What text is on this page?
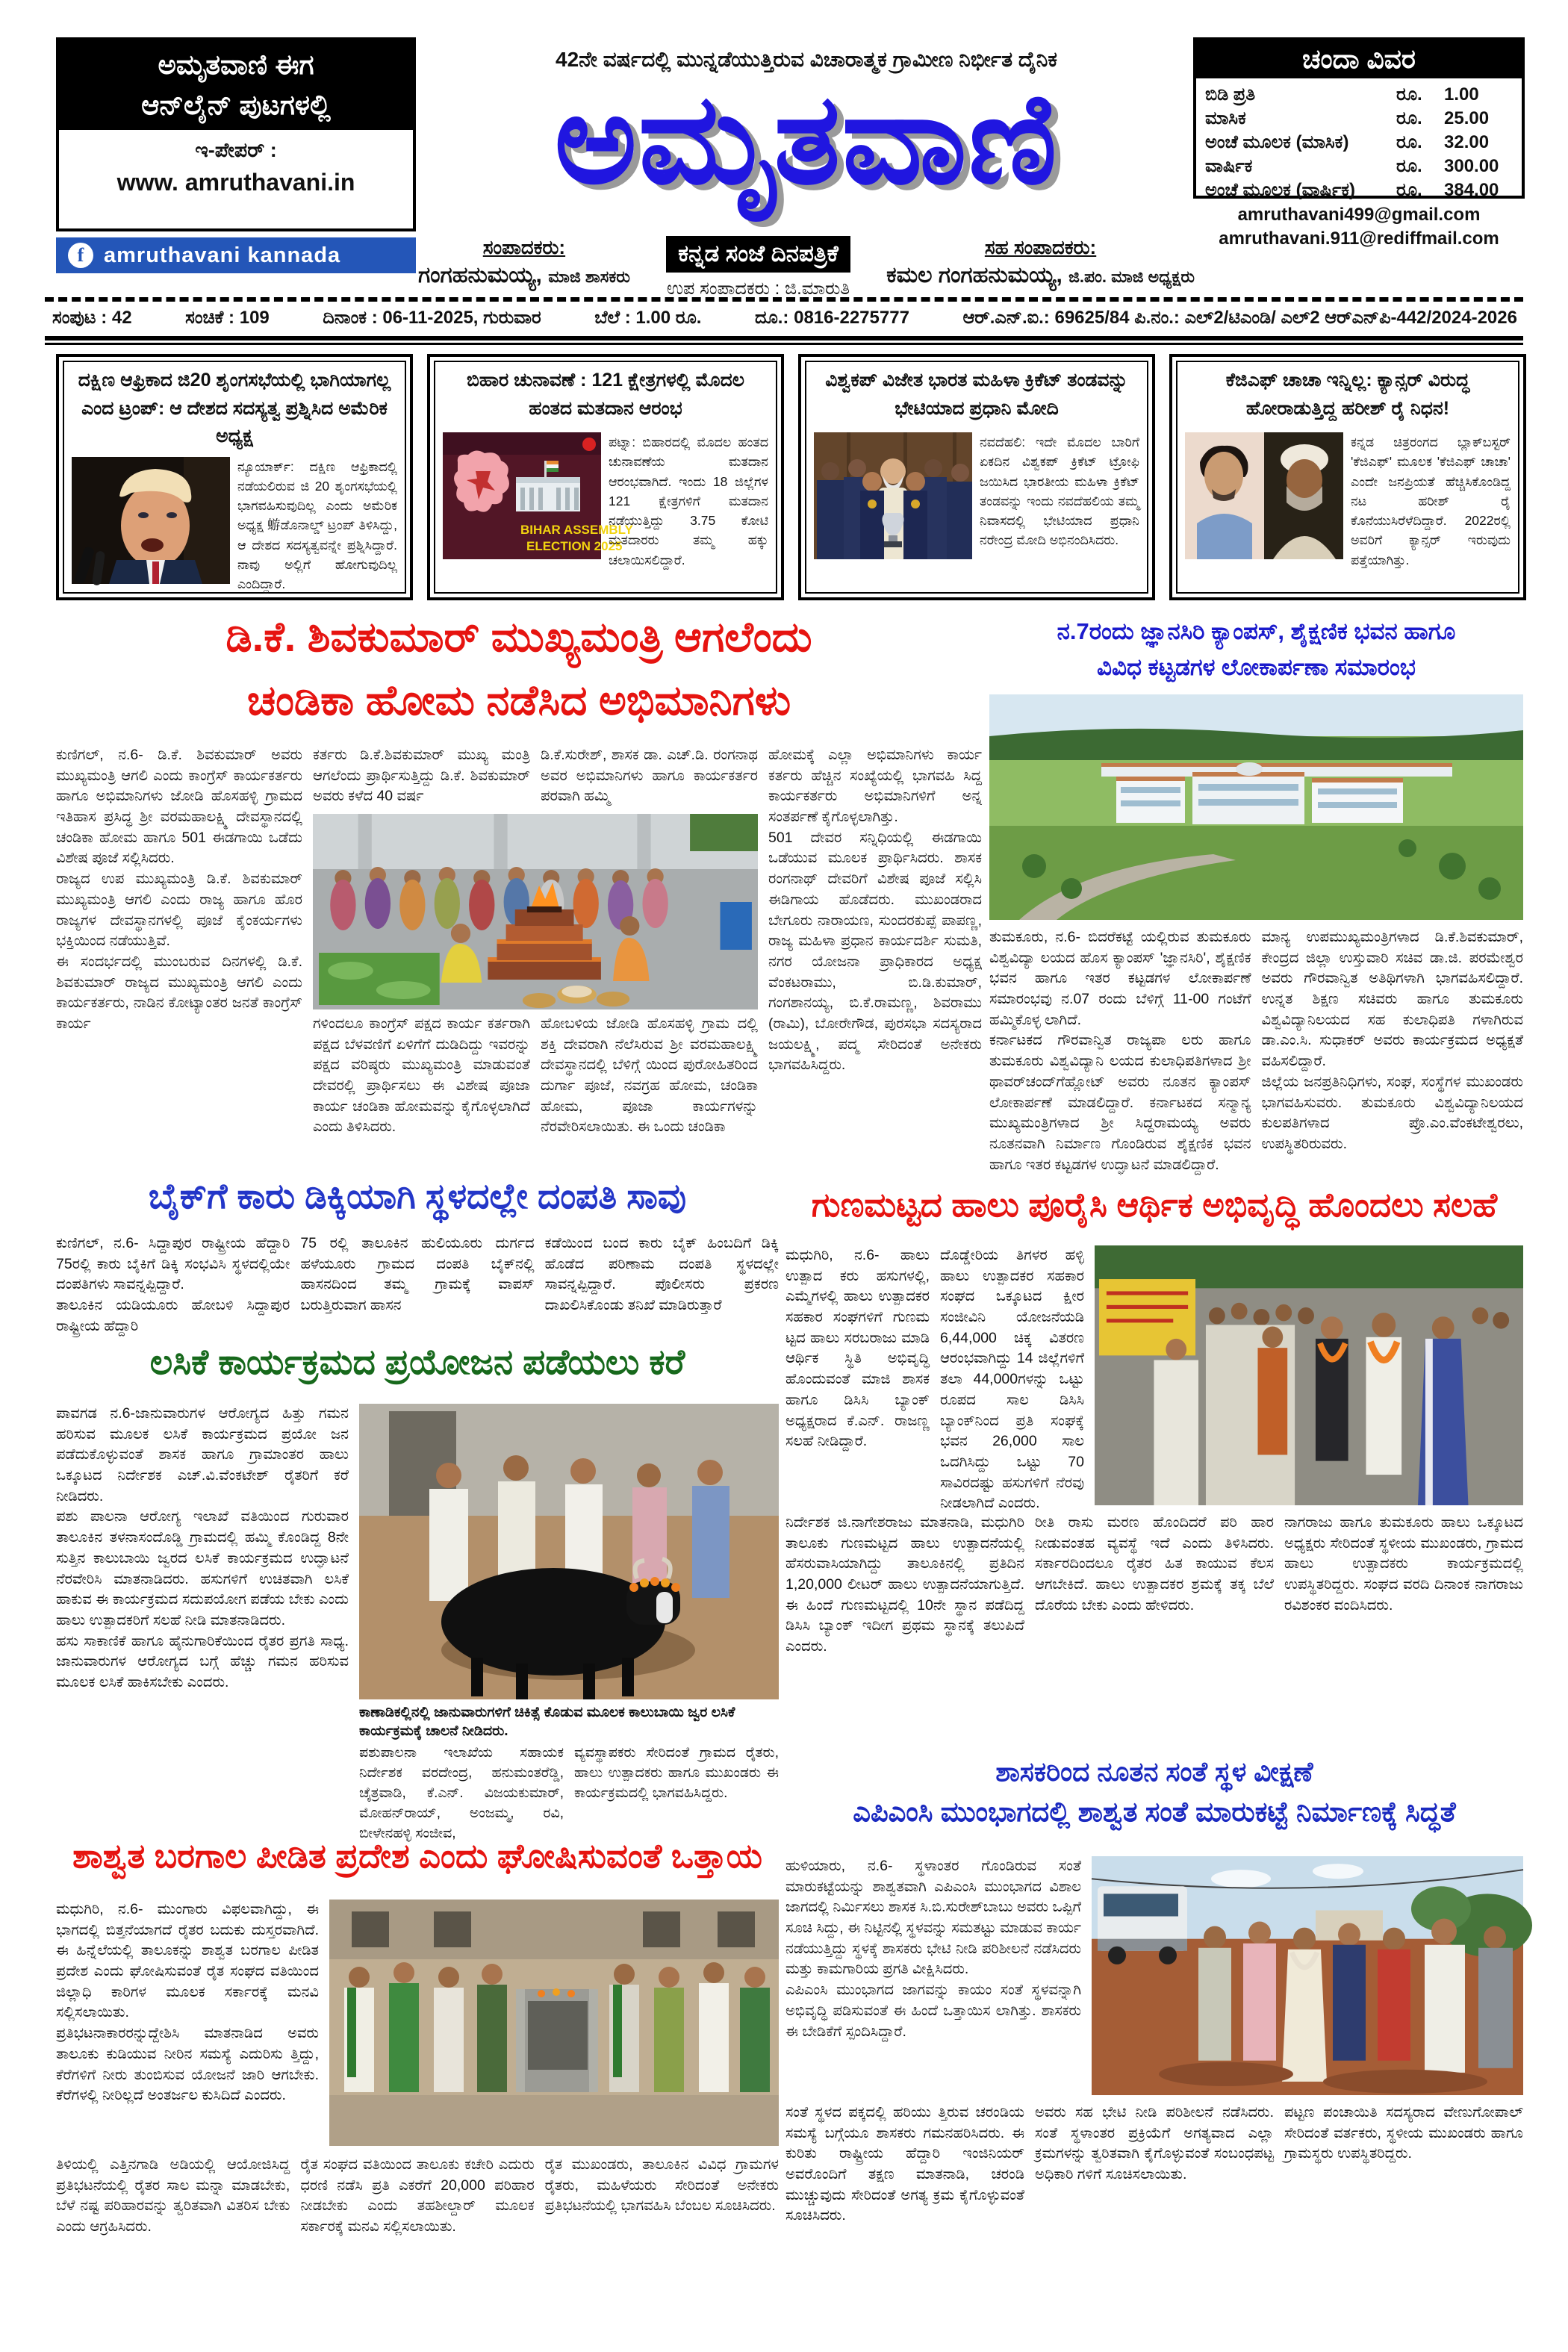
ಅಮೃತವಾಣಿ ಈಗ
ಆನ್‌ಲೈನ್ ಪುಟಗಳಲ್ಲಿ
ಇ-ಪೇಪರ್ :
www. amruthavani.in
f amruthavani kannada
42ನೇ ವರ್ಷದಲ್ಲಿ ಮುನ್ನಡೆಯುತ್ತಿರುವ ವಿಚಾರಾತ್ಮಕ ಗ್ರಾಮೀಣ ನಿರ್ಭೀತ ದೈನಿಕ
ಅಮೃತವಾಣಿ
ಸಂಪಾದಕರು:
ಗಂಗಹನುಮಯ್ಯ, ಮಾಜಿ ಶಾಸಕರು
ಕನ್ನಡ ಸಂಜೆ ದಿನಪತ್ರಿಕೆ
ಉಪ ಸಂಪಾದಕರು : ಜಿ.ಮಾರುತಿ
ಸಹ ಸಂಪಾದಕರು:
ಕಮಲ ಗಂಗಹನುಮಯ್ಯ, ಜಿ.ಪಂ. ಮಾಜಿ ಅಧ್ಯಕ್ಷರು
ಚಂದಾ ವಿವರ
ಬಿಡಿ ಪ್ರತಿ	ರೂ.	1.00
ಮಾಸಿಕ	ರೂ.	25.00
ಅಂಚೆ ಮೂಲಕ (ಮಾಸಿಕ)	ರೂ.	32.00
ವಾರ್ಷಿಕ	ರೂ.	300.00
ಅಂಚೆ ಮೂಲಕ (ವಾರ್ಷಿಕ)	ರೂ.	384.00
amruthavani499@gmail.com
amruthavani.911@rediffmail.com
ಸಂಪುಟ : 42	ಸಂಚಿಕೆ : 109	ದಿನಾಂಕ : 06-11-2025, ಗುರುವಾರ	ಬೆಲೆ : 1.00 ರೂ.	ದೂ.: 0816-2275777	ಆರ್.ಎನ್.ಐ.: 69625/84 ಪಿ.ನಂ.: ಎಲ್2/ಟಿಎಂಡಿ/ ಎಲ್2 ಆರ್‌ಎನ್‌ಪಿ-442/2024-2026
ದಕ್ಷಿಣ ಆಫ್ರಿಕಾದ ಜಿ20 ಶೃಂಗಸಭೆಯಲ್ಲಿ ಭಾಗಿಯಾಗಲ್ಲ ಎಂದ ಟ್ರಂಪ್: ಆ ದೇಶದ ಸದಸ್ಯತ್ವ ಪ್ರಶ್ನಿಸಿದ ಅಮೆರಿಕ ಅಧ್ಯಕ್ಷ
ನ್ಯೂಯಾರ್ಕ್: ದಕ್ಷಿಣ ಆಫ್ರಿಕಾದಲ್ಲಿ ನಡೆಯಲಿರುವ ಜಿ 20 ಶೃಂಗಸಭೆಯಲ್ಲಿ ಭಾಗವಹಿಸುವುದಿಲ್ಲ ಎಂದು ಅಮೆರಿಕ ಅಧ್ಯಕ್ಷ 蝣ಡೊನಾಲ್ಡ್ ಟ್ರಂಪ್ ತಿಳಿಸಿದ್ದು, ಆ ದೇಶದ ಸದಸ್ಯತ್ವವನ್ನೇ ಪ್ರಶ್ನಿಸಿದ್ದಾರೆ. ನಾವು ಅಲ್ಲಿಗೆ ಹೋಗುವುದಿಲ್ಲ ಎಂದಿದ್ದಾರೆ.
ಬಿಹಾರ ಚುನಾವಣೆ : 121 ಕ್ಷೇತ್ರಗಳಲ್ಲಿ ಮೊದಲ ಹಂತದ ಮತದಾನ ಆರಂಭ
BIHAR ASSEMBLY
ELECTION 2025
ಪಟ್ನಾ: ಬಿಹಾರದಲ್ಲಿ ಮೊದಲ ಹಂತದ ಚುನಾವಣೆಯ ಮತದಾನ ಆರಂಭವಾಗಿದೆ. ಇಂದು 18 ಜಿಲ್ಲೆಗಳ 121 ಕ್ಷೇತ್ರಗಳಿಗೆ ಮತದಾನ ನಡೆಯುತ್ತಿದ್ದು 3.75 ಕೋಟಿ ಮತದಾರರು ತಮ್ಮ ಹಕ್ಕು ಚಲಾಯಿಸಲಿದ್ದಾರೆ.
ವಿಶ್ವಕಪ್ ವಿಜೇತ ಭಾರತ ಮಹಿಳಾ ಕ್ರಿಕೆಟ್ ತಂಡವನ್ನು ಭೇಟಿಯಾದ ಪ್ರಧಾನಿ ಮೋದಿ
ನವದೆಹಲಿ: ಇದೇ ಮೊದಲ ಬಾರಿಗೆ ಏಕದಿನ ವಿಶ್ವಕಪ್ ಕ್ರಿಕೆಟ್ ಟ್ರೋಫಿ ಜಯಿಸಿದ ಭಾರತೀಯ ಮಹಿಳಾ ಕ್ರಿಕೆಟ್ ತಂಡವನ್ನು ಇಂದು ನವದೆಹಲಿಯ ತಮ್ಮ ನಿವಾಸದಲ್ಲಿ ಭೇಟಿಯಾದ ಪ್ರಧಾನಿ ನರೇಂದ್ರ ಮೋದಿ ಅಭಿನಂದಿಸಿದರು.
ಕೆಜಿಎಫ್ ಚಾಚಾ ಇನ್ನಿಲ್ಲ: ಕ್ಯಾನ್ಸರ್ ವಿರುದ್ಧ ಹೋರಾಡುತ್ತಿದ್ದ ಹರೀಶ್ ರೈ ನಿಧನ!
ಕನ್ನಡ ಚಿತ್ರರಂಗದ ಬ್ಲಾಕ್‌ಬಸ್ಟರ್ 'ಕೆಜಿಎಫ್' ಮೂಲಕ 'ಕೆಜಿಎಫ್ ಚಾಚಾ' ಎಂದೇ ಜನಪ್ರಿಯತೆ ಹೆಚ್ಚಿಸಿಕೊಂಡಿದ್ದ ನಟ ಹರೀಶ್ ರೈ ಕೊನೆಯುಸಿರೆಳೆದಿದ್ದಾರೆ. 2022ರಲ್ಲಿ ಅವರಿಗೆ ಕ್ಯಾನ್ಸರ್ ಇರುವುದು ಪತ್ತೆಯಾಗಿತ್ತು.
ಡಿ.ಕೆ. ಶಿವಕುಮಾರ್ ಮುಖ್ಯಮಂತ್ರಿ ಆಗಲೆಂದು
ಚಂಡಿಕಾ ಹೋಮ ನಡೆಸಿದ ಅಭಿಮಾನಿಗಳು
ನ.7ರಂದು ಜ್ಞಾನಸಿರಿ ಕ್ಯಾಂಪಸ್, ಶೈಕ್ಷಣಿಕ ಭವನ ಹಾಗೂ
ವಿವಿಧ ಕಟ್ಟಡಗಳ ಲೋಕಾರ್ಪಣಾ ಸಮಾರಂಭ
ಕುಣಿಗಲ್, ನ.6- ಡಿ.ಕೆ. ಶಿವಕುಮಾರ್ ಅವರು ಮುಖ್ಯಮಂತ್ರಿ ಆಗಲಿ ಎಂದು ಕಾಂಗ್ರೆಸ್ ಕಾರ್ಯಕರ್ತರು ಹಾಗೂ ಅಭಿಮಾನಿಗಳು ಜೋಡಿ ಹೊಸಹಳ್ಳಿ ಗ್ರಾಮದ ಇತಿಹಾಸ ಪ್ರಸಿದ್ಧ ಶ್ರೀ ವರಮಹಾಲಕ್ಷ್ಮಿ ದೇವಸ್ಥಾನದಲ್ಲಿ ಚಂಡಿಕಾ ಹೋಮ ಹಾಗೂ 501 ಈಡಗಾಯಿ ಒಡೆದು ವಿಶೇಷ ಪೂಜೆ ಸಲ್ಲಿಸಿದರು.
ರಾಜ್ಯದ ಉಪ ಮುಖ್ಯಮಂತ್ರಿ ಡಿ.ಕೆ. ಶಿವಕುಮಾರ್ ಮುಖ್ಯಮಂತ್ರಿ ಆಗಲಿ ಎಂದು ರಾಜ್ಯ ಹಾಗೂ ಹೊರ ರಾಜ್ಯಗಳ ದೇವಸ್ಥಾನಗಳಲ್ಲಿ ಪೂಜೆ ಕೈಂಕರ್ಯಗಳು ಭಕ್ತಿಯಿಂದ ನಡೆಯುತ್ತಿವೆ.
ಈ ಸಂದರ್ಭದಲ್ಲಿ ಮುಂಬರುವ ದಿನಗಳಲ್ಲಿ ಡಿ.ಕೆ. ಶಿವಕುಮಾರ್ ರಾಜ್ಯದ ಮುಖ್ಯಮಂತ್ರಿ ಆಗಲಿ ಎಂದು ಕಾರ್ಯಕರ್ತರು, ನಾಡಿನ ಕೋಟ್ಯಾಂತರ ಜನತೆ ಕಾಂಗ್ರೆಸ್ ಕಾರ್ಯ
ಕರ್ತರು ಡಿ.ಕೆ.ಶಿವಕುಮಾರ್ ಮುಖ್ಯ ಮಂತ್ರಿ ಆಗಲೆಂದು ಪ್ರಾರ್ಥಿಸುತ್ತಿದ್ದು ಡಿ.ಕೆ. ಶಿವಕುಮಾರ್ ಅವರು ಕಳೆದ 40 ವರ್ಷ
ಡಿ.ಕೆ.ಸುರೇಶ್, ಶಾಸಕ ಡಾ. ಎಚ್.ಡಿ. ರಂಗನಾಥ ಅವರ ಅಭಿಮಾನಿಗಳು ಹಾಗೂ ಕಾರ್ಯಕರ್ತರ ಪರವಾಗಿ ಹಮ್ಮಿ
ಗಳಿಂದಲೂ ಕಾಂಗ್ರೆಸ್ ಪಕ್ಷದ ಕಾರ್ಯ ಕರ್ತರಾಗಿ ಪಕ್ಷದ ಬೆಳವಣಿಗೆ ಏಳಿಗೆಗೆ ದುಡಿದಿದ್ದು ಇವರನ್ನು ಪಕ್ಷದ ವರಿಷ್ಠರು ಮುಖ್ಯಮಂತ್ರಿ ಮಾಡುವಂತೆ ದೇವರಲ್ಲಿ ಪ್ರಾರ್ಥಿಸಲು ಈ ವಿಶೇಷ ಪೂಜಾ ಕಾರ್ಯ ಚಂಡಿಕಾ ಹೋಮವನ್ನು ಕೈಗೊಳ್ಳಲಾಗಿದೆ ಎಂದು ತಿಳಿಸಿದರು.
ಹೋಬಳಿಯ ಜೋಡಿ ಹೊಸಹಳ್ಳಿ ಗ್ರಾಮ ದಲ್ಲಿ ಶಕ್ತಿ ದೇವರಾಗಿ ನೆಲೆಸಿರುವ ಶ್ರೀ ವರಮಹಾಲಕ್ಷ್ಮಿ ದೇವಸ್ಥಾನದಲ್ಲಿ ಬೆಳಿಗ್ಗೆ ಯಿಂದ ಪುರೋಹಿತರಿಂದ ದುರ್ಗಾ ಪೂಜೆ, ನವಗ್ರಹ ಹೋಮ, ಚಂಡಿಕಾ ಹೋಮ, ಪೂಜಾ ಕಾರ್ಯಗಳನ್ನು ನೆರವೇರಿಸಲಾಯಿತು. ಈ ಒಂದು ಚಂಡಿಕಾ
ಹೋಮಕ್ಕೆ ಎಲ್ಲಾ ಅಭಿಮಾನಿಗಳು ಕಾರ್ಯ ಕರ್ತರು ಹೆಚ್ಚಿನ ಸಂಖ್ಯೆಯಲ್ಲಿ ಭಾಗವಹಿ ಸಿದ್ದ ಕಾರ್ಯಕರ್ತರು ಅಭಿಮಾನಿಗಳಿಗೆ ಅನ್ನ ಸಂತರ್ಪಣೆ ಕೈಗೊಳ್ಳಲಾಗಿತ್ತು.
501 ದೇವರ ಸನ್ನಿಧಿಯಲ್ಲಿ ಈಡಗಾಯಿ ಒಡೆಯುವ ಮೂಲಕ ಪ್ರಾರ್ಥಿಸಿದರು. ಶಾಸಕ ರಂಗನಾಥ್ ದೇವರಿಗೆ ವಿಶೇಷ ಪೂಜೆ ಸಲ್ಲಿಸಿ ಈಡಿಗಾಯ ಹೊಡೆದರು. ಮುಖಂಡರಾದ ಬೇಗೂರು ನಾರಾಯಣ, ಸುಂದರಕುಪ್ಪೆ ಪಾಪಣ್ಣ, ರಾಜ್ಯ ಮಹಿಳಾ ಪ್ರಧಾನ ಕಾರ್ಯದರ್ಶಿ ಸುಮತಿ, ನಗರ ಯೋಜನಾ ಪ್ರಾಧಿಕಾರದ ಅಧ್ಯಕ್ಷ ವೆಂಕಟರಾಮು, ಬಿ.ಡಿ.ಕುಮಾರ್, ಗಂಗಶಾನಯ್ಯ, ಬಿ.ಕೆ.ರಾಮಣ್ಣ, ಶಿವರಾಮು (ರಾಮಿ), ಬೋರೇಗೌಡ, ಪುರಸಭಾ ಸದಸ್ಯರಾದ ಜಯಲಕ್ಷ್ಮಿ, ಪದ್ಮ ಸೇರಿದಂತೆ ಅನೇಕರು ಭಾಗವಹಿಸಿದ್ದರು.
ತುಮಕೂರು, ನ.6- ಬಿದರೆಕಟ್ಟೆ ಯಲ್ಲಿರುವ ತುಮಕೂರು ವಿಶ್ವವಿದ್ಯಾ ಲಯದ ಹೊಸ ಕ್ಯಾಂಪಸ್ 'ಜ್ಞಾನಸಿರಿ', ಶೈಕ್ಷಣಿಕ ಭವನ ಹಾಗೂ ಇತರ ಕಟ್ಟಡಗಳ ಲೋಕಾರ್ಪಣೆ ಸಮಾರಂಭವು ನ.07 ರಂದು ಬೆಳಿಗ್ಗೆ 11-00 ಗಂಟೆಗೆ ಹಮ್ಮಿಕೊಳ್ಳ ಲಾಗಿದೆ.
ಕರ್ನಾಟಕದ ಗೌರವಾನ್ವಿತ ರಾಜ್ಯಪಾ ಲರು ಹಾಗೂ ತುಮಕೂರು ವಿಶ್ವವಿದ್ಯಾನಿ ಲಯದ ಕುಲಾಧಿಪತಿಗಳಾದ ಶ್ರೀ ಥಾವರ್‌ಚಂದ್‌ಗೆಹ್ಲೋಟ್ ಅವರು ನೂತನ ಕ್ಯಾಂಪಸ್ ಲೋಕಾರ್ಪಣೆ ಮಾಡಲಿದ್ದಾರೆ. ಕರ್ನಾಟಕದ ಸನ್ಮಾನ್ಯ ಮುಖ್ಯಮಂತ್ರಿಗಳಾದ ಶ್ರೀ ಸಿದ್ದರಾಮಯ್ಯ ಅವರು ನೂತನವಾಗಿ ನಿರ್ಮಾಣ ಗೊಂಡಿರುವ ಶೈಕ್ಷಣಿಕ ಭವನ ಹಾಗೂ ಇತರ ಕಟ್ಟಡಗಳ ಉದ್ಘಾಟನೆ ಮಾಡಲಿದ್ದಾರೆ.
ಮಾನ್ಯ ಉಪಮುಖ್ಯಮಂತ್ರಿಗಳಾದ ಡಿ.ಕೆ.ಶಿವಕುಮಾರ್, ಕೇಂದ್ರದ ಜಿಲ್ಲಾ ಉಸ್ತುವಾರಿ ಸಚಿವ ಡಾ.ಜಿ. ಪರಮೇಶ್ವರ ಅವರು ಗೌರವಾನ್ವಿತ ಅತಿಥಿಗಳಾಗಿ ಭಾಗವಹಿಸಲಿದ್ದಾರೆ. ಉನ್ನತ ಶಿಕ್ಷಣ ಸಚಿವರು ಹಾಗೂ ತುಮಕೂರು ವಿಶ್ವವಿದ್ಯಾನಿಲಯದ ಸಹ ಕುಲಾಧಿಪತಿ ಗಳಾಗಿರುವ ಡಾ.ಎಂ.ಸಿ. ಸುಧಾಕರ್ ಅವರು ಕಾರ್ಯಕ್ರಮದ ಅಧ್ಯಕ್ಷತೆ ವಹಿಸಲಿದ್ದಾರೆ.
ಜಿಲ್ಲೆಯ ಜನಪ್ರತಿನಿಧಿಗಳು, ಸಂಘ, ಸಂಸ್ಥೆಗಳ ಮುಖಂಡರು ಭಾಗವಹಿಸುವರು. ತುಮಕೂರು ವಿಶ್ವವಿದ್ಯಾನಿಲಯದ ಕುಲಪತಿಗಳಾದ ಪ್ರೊ.ಎಂ.ವೆಂಕಟೇಶ್ವರಲು, ಉಪಸ್ಥಿತರಿರುವರು.
ಬೈಕ್‌ಗೆ ಕಾರು ಡಿಕ್ಕಿಯಾಗಿ ಸ್ಥಳದಲ್ಲೇ ದಂಪತಿ ಸಾವು	ಗುಣಮಟ್ಟದ ಹಾಲು ಪೂರೈಸಿ ಆರ್ಥಿಕ ಅಭಿವೃದ್ಧಿ ಹೊಂದಲು ಸಲಹೆ
ಕುಣಿಗಲ್, ನ.6- ಸಿದ್ದಾಪುರ ರಾಷ್ಟ್ರೀಯ ಹೆದ್ದಾರಿ 75ರಲ್ಲಿ ಕಾರು ಬೈಕಿಗೆ ಡಿಕ್ಕಿ ಸಂಭವಿಸಿ ಸ್ಥಳದಲ್ಲಿಯೇ ದಂಪತಿಗಳು ಸಾವನ್ನಪ್ಪಿದ್ದಾರೆ.
ತಾಲೂಕಿನ ಯಡಿಯೂರು ಹೋಬಳಿ ಸಿದ್ದಾಪುರ ರಾಷ್ಟ್ರೀಯ ಹೆದ್ದಾರಿ
75 ರಲ್ಲಿ ತಾಲೂಕಿನ ಹುಲಿಯೂರು ದುರ್ಗದ ಹಳೆಯೂರು ಗ್ರಾಮದ ದಂಪತಿ ಬೈಕ್‌ನಲ್ಲಿ ಹಾಸನದಿಂದ ತಮ್ಮ ಗ್ರಾಮಕ್ಕೆ ವಾಪಸ್ ಬರುತ್ತಿರುವಾಗ ಹಾಸನ
ಕಡೆಯಿಂದ ಬಂದ ಕಾರು ಬೈಕ್ ಹಿಂಬದಿಗೆ ಡಿಕ್ಕಿ ಹೊಡೆದ ಪರಿಣಾಮ ದಂಪತಿ ಸ್ಥಳದಲ್ಲೇ ಸಾವನ್ನಪ್ಪಿದ್ದಾರೆ. ಪೊಲೀಸರು ಪ್ರಕರಣ ದಾಖಲಿಸಿಕೊಂಡು ತನಿಖೆ ಮಾಡಿರುತ್ತಾರೆ
ಲಸಿಕೆ ಕಾರ್ಯಕ್ರಮದ ಪ್ರಯೋಜನ ಪಡೆಯಲು ಕರೆ
ಪಾವಗಡ ನ.6-ಜಾನುವಾರುಗಳ ಆರೋಗ್ಯದ ಹಿತ್ತು ಗಮನ ಹರಿಸುವ ಮೂಲಕ ಲಸಿಕೆ ಕಾರ್ಯಕ್ರಮದ ಪ್ರಯೋ ಜನ ಪಡೆದುಕೊಳ್ಳುವಂತೆ ಶಾಸಕ ಹಾಗೂ ಗ್ರಾಮಾಂತರ ಹಾಲು ಒಕ್ಕೂಟದ ನಿರ್ದೇಶಕ ಎಚ್.ವಿ.ವೆಂಕಟೇಶ್ ರೈತರಿಗೆ ಕರೆ ನೀಡಿದರು.
ಪಶು ಪಾಲನಾ ಆರೋಗ್ಯ ಇಲಾಖೆ ವತಿಯಿಂದ ಗುರುವಾರ ತಾಲೂಕಿನ ತಳನಾಸಂದೊಡ್ಡಿ ಗ್ರಾಮದಲ್ಲಿ ಹಮ್ಮಿ ಕೊಂಡಿದ್ದ 8ನೇ ಸುತ್ತಿನ ಕಾಲುಬಾಯಿ ಜ್ವರದ ಲಸಿಕೆ ಕಾರ್ಯಕ್ರಮದ ಉದ್ಘಾಟನೆ ನೆರವೇರಿಸಿ ಮಾತನಾಡಿದರು. ಹಸುಗಳಿಗೆ ಉಚಿತವಾಗಿ ಲಸಿಕೆ ಹಾಕುವ ಈ ಕಾರ್ಯಕ್ರಮದ ಸದುಪಯೋಗ ಪಡೆಯ ಬೇಕು ಎಂದು ಹಾಲು ಉತ್ಪಾದಕರಿಗೆ ಸಲಹೆ ನೀಡಿ ಮಾತನಾಡಿದರು.
ಹಸು ಸಾಕಾಣಿಕೆ ಹಾಗೂ ಹೈನುಗಾರಿಕೆಯಿಂದ ರೈತರ ಪ್ರಗತಿ ಸಾಧ್ಯ. ಜಾನುವಾರುಗಳ ಆರೋಗ್ಯದ ಬಗ್ಗೆ ಹೆಚ್ಚು ಗಮನ ಹರಿಸುವ ಮೂಲಕ ಲಸಿಕೆ ಹಾಕಿಸಬೇಕು ಎಂದರು.
ಕಾಣಾಡಿಕಲ್ಲಿನಲ್ಲಿ ಜಾನುವಾರುಗಳಿಗೆ ಚಿಕಿತ್ಸೆ ಕೊಡುವ ಮೂಲಕ ಕಾಲುಬಾಯಿ ಜ್ವರ ಲಸಿಕೆ ಕಾರ್ಯಕ್ರಮಕ್ಕೆ ಚಾಲನೆ ನೀಡಿದರು.
ಪಶುಪಾಲನಾ ಇಲಾಖೆಯ ಸಹಾಯಕ ನಿರ್ದೇಶಕ ವರದೇಂದ್ರ, ಹನುಮಂತರೆಡ್ಡಿ, ಚೈತ್ರವಾಡಿ, ಕೆ.ಎನ್. ವಿಜಯಕುಮಾರ್, ಮೋಹನ್‌ರಾಯ್, ಅಂಜಮ್ಮ, ರವಿ, ಬೀಳೇನಹಳ್ಳಿ ಸಂಜೀವ,
ವ್ಯವಸ್ಥಾಪಕರು ಸೇರಿದಂತೆ ಗ್ರಾಮದ ರೈತರು, ಹಾಲು ಉತ್ಪಾದಕರು ಹಾಗೂ ಮುಖಂಡರು ಈ ಕಾರ್ಯಕ್ರಮದಲ್ಲಿ ಭಾಗವಹಿಸಿದ್ದರು.
ಮಧುಗಿರಿ, ನ.6- ಹಾಲು ಉತ್ಪಾದ ಕರು ಹಸುಗಳಲ್ಲಿ, ಎಮ್ಮೆಗಳಲ್ಲಿ ಹಾಲು ಉತ್ಪಾದಕರ ಸಹಕಾರ ಸಂಘಗಳಿಗೆ ಗುಣಮ ಟ್ಟದ ಹಾಲು ಸರಬರಾಜು ಮಾಡಿ ಆರ್ಥಿಕ ಸ್ಥಿತಿ ಅಭಿವೃದ್ಧಿ ಹೊಂದುವಂತೆ ಮಾಜಿ ಶಾಸಕ ಹಾಗೂ ಡಿಸಿಸಿ ಬ್ಯಾಂಕ್ ಅಧ್ಯಕ್ಷರಾದ ಕೆ.ಎನ್. ರಾಜಣ್ಣ ಸಲಹೆ ನೀಡಿದ್ದಾರೆ.
ದೊಡ್ಡೇರಿಯ ತಿಗಳರ ಹಳ್ಳಿ ಹಾಲು ಉತ್ಪಾದಕರ ಸಹಕಾರ ಸಂಘದ ಒಕ್ಕೂಟದ ಕ್ಷೀರ ಸಂಜೀವಿನಿ ಯೋಜನೆಯಡಿ 6,44,000 ಚಿಕ್ಕ ವಿತರಣ ಆರಂಭವಾಗಿದ್ದು 14 ಜಿಲ್ಲೆಗಳಿಗೆ ತಲಾ 44,000ಗಳನ್ನು ಒಟ್ಟು ರೂಪದ ಸಾಲ ಡಿಸಿಸಿ ಬ್ಯಾಂಕ್‌ನಿಂದ ಪ್ರತಿ ಸಂಘಕ್ಕೆ ಭವನ 26,000 ಸಾಲ ಒದಗಿಸಿದ್ದು ಒಟ್ಟು 70 ಸಾವಿರದಷ್ಟು ಹಸುಗಳಿಗೆ ನೆರವು ನೀಡಲಾಗಿದೆ ಎಂದರು.
ನಿರ್ದೇಶಕ ಜಿ.ನಾಗೇಶರಾಜು ಮಾತನಾಡಿ, ಮಧುಗಿರಿ ತಾಲೂಕು ಗುಣಮಟ್ಟದ ಹಾಲು ಉತ್ಪಾದನೆಯಲ್ಲಿ ಹೆಸರುವಾಸಿಯಾಗಿದ್ದು ತಾಲೂಕಿನಲ್ಲಿ ಪ್ರತಿದಿನ 1,20,000 ಲೀಟರ್ ಹಾಲು ಉತ್ಪಾದನೆಯಾಗುತ್ತಿದೆ. ಈ ಹಿಂದೆ ಗುಣಮಟ್ಟದಲ್ಲಿ 10ನೇ ಸ್ಥಾನ ಪಡೆದಿದ್ದ ಡಿಸಿಸಿ ಬ್ಯಾಂಕ್ ಇದೀಗ ಪ್ರಥಮ ಸ್ಥಾನಕ್ಕೆ ತಲುಪಿದೆ ಎಂದರು.
ರೀತಿ ರಾಸು ಮರಣ ಹೊಂದಿದರೆ ಪರಿ ಹಾರ ನೀಡುವಂತಹ ವ್ಯವಸ್ಥೆ ಇದೆ ಎಂದು ತಿಳಿಸಿದರು. ಸರ್ಕಾರದಿಂದಲೂ ರೈತರ ಹಿತ ಕಾಯುವ ಕೆಲಸ ಆಗಬೇಕಿದೆ. ಹಾಲು ಉತ್ಪಾದಕರ ಶ್ರಮಕ್ಕೆ ತಕ್ಕ ಬೆಲೆ ದೊರೆಯ ಬೇಕು ಎಂದು ಹೇಳಿದರು.
ನಾಗರಾಜು ಹಾಗೂ ತುಮಕೂರು ಹಾಲು ಒಕ್ಕೂಟದ ಅಧ್ಯಕ್ಷರು ಸೇರಿದಂತೆ ಸ್ಥಳೀಯ ಮುಖಂಡರು, ಗ್ರಾಮದ ಹಾಲು ಉತ್ಪಾದಕರು ಕಾರ್ಯಕ್ರಮದಲ್ಲಿ ಉಪಸ್ಥಿತರಿದ್ದರು. ಸಂಘದ ವರದಿ ದಿನಾಂಕ ನಾಗರಾಜು ರವಿಶಂಕರ ವಂದಿಸಿದರು.
ಶಾಶ್ವತ ಬರಗಾಲ ಪೀಡಿತ ಪ್ರದೇಶ ಎಂದು ಘೋಷಿಸುವಂತೆ ಒತ್ತಾಯ
ಮಧುಗಿರಿ, ನ.6- ಮುಂಗಾರು ವಿಫಲವಾಗಿದ್ದು, ಈ ಭಾಗದಲ್ಲಿ ಬಿತ್ತನೆಯಾಗದೆ ರೈತರ ಬದುಕು ದುಸ್ತರವಾಗಿದೆ. ಈ ಹಿನ್ನೆಲೆಯಲ್ಲಿ ತಾಲೂಕನ್ನು ಶಾಶ್ವತ ಬರಗಾಲ ಪೀಡಿತ ಪ್ರದೇಶ ಎಂದು ಘೋಷಿಸುವಂತೆ ರೈತ ಸಂಘದ ವತಿಯಿಂದ ಜಿಲ್ಲಾಧಿ ಕಾರಿಗಳ ಮೂಲಕ ಸರ್ಕಾರಕ್ಕೆ ಮನವಿ ಸಲ್ಲಿಸಲಾಯಿತು.
ಪ್ರತಿಭಟನಾಕಾರರನ್ನುದ್ದೇಶಿಸಿ ಮಾತನಾಡಿದ ಅವರು ತಾಲೂಕು ಕುಡಿಯುವ ನೀರಿನ ಸಮಸ್ಯೆ ಎದುರಿಸು ತ್ತಿದ್ದು, ಕೆರೆಗಳಿಗೆ ನೀರು ತುಂಬಿಸುವ ಯೋಜನೆ ಜಾರಿ ಆಗಬೇಕು. ಕೆರೆಗಳಲ್ಲಿ ನೀರಿಲ್ಲದೆ ಅಂತರ್ಜಲ ಕುಸಿದಿದೆ ಎಂದರು.
ತಿಳಿಯಲ್ಲಿ ಎತ್ತಿನಗಾಡಿ ಅಡಿಯಲ್ಲಿ ಆಯೋಜಿಸಿದ್ದ ಪ್ರತಿಭಟನೆಯಲ್ಲಿ ರೈತರ ಸಾಲ ಮನ್ನಾ ಮಾಡಬೇಕು, ಬೆಳೆ ನಷ್ಟ ಪರಿಹಾರವನ್ನು ತ್ವರಿತವಾಗಿ ವಿತರಿಸ ಬೇಕು ಎಂದು ಆಗ್ರಹಿಸಿದರು.
ರೈತ ಸಂಘದ ವತಿಯಿಂದ ತಾಲೂಕು ಕಚೇರಿ ಎದುರು ಧರಣಿ ನಡೆಸಿ ಪ್ರತಿ ಎಕರೆಗೆ 20,000 ಪರಿಹಾರ ನೀಡಬೇಕು ಎಂದು ತಹಶೀಲ್ದಾರ್ ಮೂಲಕ ಸರ್ಕಾರಕ್ಕೆ ಮನವಿ ಸಲ್ಲಿಸಲಾಯಿತು.
ರೈತ ಮುಖಂಡರು, ತಾಲೂಕಿನ ವಿವಿಧ ಗ್ರಾಮಗಳ ರೈತರು, ಮಹಿಳೆಯರು ಸೇರಿದಂತೆ ಅನೇಕರು ಪ್ರತಿಭಟನೆಯಲ್ಲಿ ಭಾಗವಹಿಸಿ ಬೆಂಬಲ ಸೂಚಿಸಿದರು.
ಶಾಸಕರಿಂದ ನೂತನ ಸಂತೆ ಸ್ಥಳ ವೀಕ್ಷಣೆ
ಎಪಿಎಂಸಿ ಮುಂಭಾಗದಲ್ಲಿ ಶಾಶ್ವತ ಸಂತೆ ಮಾರುಕಟ್ಟೆ ನಿರ್ಮಾಣಕ್ಕೆ ಸಿದ್ಧತೆ
ಹುಳಿಯಾರು, ನ.6- ಸ್ಥಳಾಂತರ ಗೊಂಡಿರುವ ಸಂತೆ ಮಾರುಕಟ್ಟೆಯನ್ನು ಶಾಶ್ವತವಾಗಿ ಎಪಿಎಂಸಿ ಮುಂಭಾಗದ ವಿಶಾಲ ಜಾಗದಲ್ಲಿ ನಿರ್ಮಿಸಲು ಶಾಸಕ ಸಿ.ಬಿ.ಸುರೇಶ್‌ಬಾಬು ಅವರು ಒಪ್ಪಿಗೆ ಸೂಚಿ ಸಿದ್ದು, ಈ ನಿಟ್ಟಿನಲ್ಲಿ ಸ್ಥಳವನ್ನು ಸಮತಟ್ಟು ಮಾಡುವ ಕಾರ್ಯ ನಡೆಯುತ್ತಿದ್ದು ಸ್ಥಳಕ್ಕೆ ಶಾಸಕರು ಭೇಟಿ ನೀಡಿ ಪರಿಶೀಲನೆ ನಡೆಸಿದರು ಮತ್ತು ಕಾಮಗಾರಿಯ ಪ್ರಗತಿ ವೀಕ್ಷಿಸಿದರು.
ಎಪಿಎಂಸಿ ಮುಂಭಾಗದ ಜಾಗವನ್ನು ಕಾಯಂ ಸಂತೆ ಸ್ಥಳವನ್ನಾಗಿ ಅಭಿವೃದ್ಧಿ ಪಡಿಸುವಂತೆ ಈ ಹಿಂದೆ ಒತ್ತಾಯಿಸ ಲಾಗಿತ್ತು. ಶಾಸಕರು ಈ ಬೇಡಿಕೆಗೆ ಸ್ಪಂದಿಸಿದ್ದಾರೆ.
ಸಂತೆ ಸ್ಥಳದ ಪಕ್ಕದಲ್ಲಿ ಹರಿಯು ತ್ತಿರುವ ಚರಂಡಿಯ ಸಮಸ್ಯೆ ಬಗ್ಗೆಯೂ ಶಾಸಕರು ಗಮನಹರಿಸಿದರು. ಈ ಕುರಿತು ರಾಷ್ಟ್ರೀಯ ಹೆದ್ದಾರಿ ಇಂಜಿನಿಯರ್ ಅವರೊಂದಿಗೆ ತಕ್ಷಣ ಮಾತನಾಡಿ, ಚರಂಡಿ ಮುಚ್ಚುವುದು ಸೇರಿದಂತೆ ಅಗತ್ಯ ಕ್ರಮ ಕೈಗೊಳ್ಳುವಂತೆ ಸೂಚಿಸಿದರು.
ಅವರು ಸಹ ಭೇಟಿ ನೀಡಿ ಪರಿಶೀಲನೆ ನಡೆಸಿದರು. ಸಂತೆ ಸ್ಥಳಾಂತರ ಪ್ರಕ್ರಿಯೆಗೆ ಅಗತ್ಯವಾದ ಎಲ್ಲಾ ಕ್ರಮಗಳನ್ನು ತ್ವರಿತವಾಗಿ ಕೈಗೊಳ್ಳುವಂತೆ ಸಂಬಂಧಪಟ್ಟ ಅಧಿಕಾರಿ ಗಳಿಗೆ ಸೂಚಿಸಲಾಯಿತು.
ಪಟ್ಟಣ ಪಂಚಾಯಿತಿ ಸದಸ್ಯರಾದ ವೇಣುಗೋಪಾಲ್ ಸೇರಿದಂತೆ ವರ್ತಕರು, ಸ್ಥಳೀಯ ಮುಖಂಡರು ಹಾಗೂ ಗ್ರಾಮಸ್ಥರು ಉಪಸ್ಥಿತರಿದ್ದರು.
